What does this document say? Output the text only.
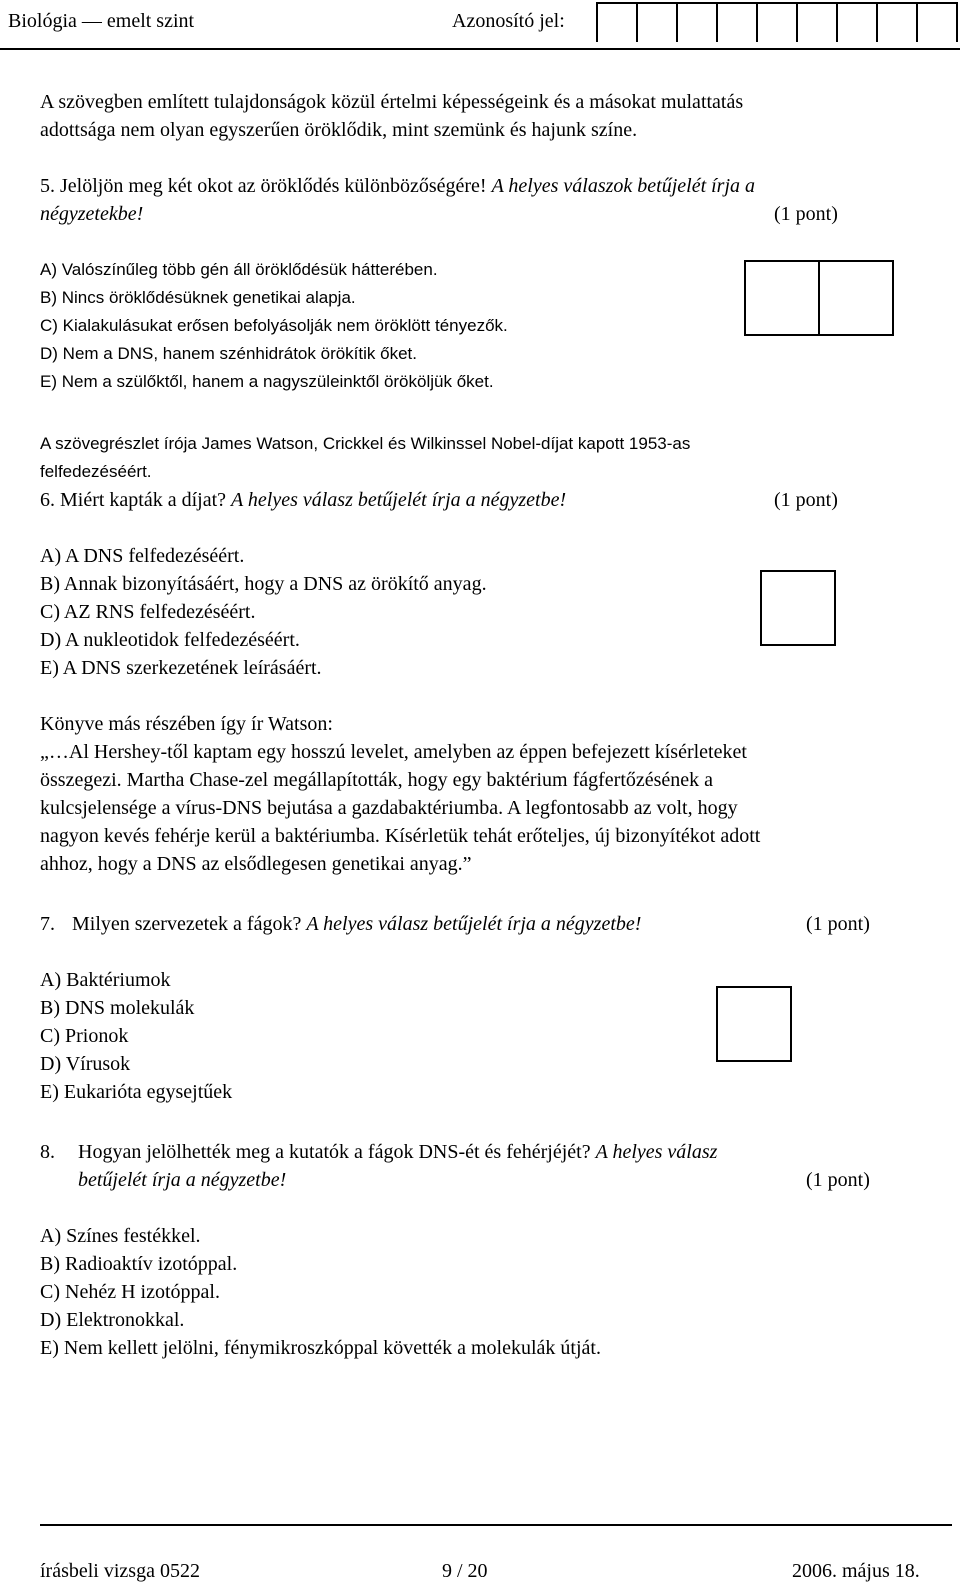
Biológia — emelt szint	Azonosító jel:
A szövegben említett tulajdonságok közül értelmi képességeink és a másokat mulattatás
adottsága nem olyan egyszerűen öröklődik, mint szemünk és hajunk színe.
5. Jelöljön meg két okot az öröklődés különbözőségére! A helyes válaszok betűjelét írja a
négyzetekbe!	(1 pont)
A) Valószínűleg több gén áll öröklődésük hátterében.
B) Nincs öröklődésüknek genetikai alapja.
C) Kialakulásukat erősen befolyásolják nem öröklött tényezők.
D) Nem a DNS, hanem szénhidrátok örökítik őket.
E) Nem a szülőktől, hanem a nagyszüleinktől örököljük őket.
A szövegrészlet írója James Watson, Crickkel és Wilkinssel Nobel-díjat kapott 1953-as
felfedezéséért.
6. Miért kapták a díjat? A helyes válasz betűjelét írja a négyzetbe!	(1 pont)
A) A DNS felfedezéséért.
B) Annak bizonyításáért, hogy a DNS az örökítő anyag.
C) AZ RNS felfedezéséért.
D) A nukleotidok felfedezéséért.
E) A DNS szerkezetének leírásáért.
Könyve más részében így ír Watson:
„…Al Hershey-től kaptam egy hosszú levelet, amelyben az éppen befejezett kísérleteket
összegezi. Martha Chase-zel megállapították, hogy egy baktérium fágfertőzésének a
kulcsjelensége a vírus-DNS bejutása a gazdabaktériumba. A legfontosabb az volt, hogy
nagyon kevés fehérje kerül a baktériumba. Kísérletük tehát erőteljes, új bizonyítékot adott
ahhoz, hogy a DNS az elsődlegesen genetikai anyag.”
7. Milyen szervezetek a fágok? A helyes válasz betűjelét írja a négyzetbe!	(1 pont)
A) Baktériumok
B) DNS molekulák
C) Prionok
D) Vírusok
E) Eukarióta egysejtűek
8. Hogyan jelölhették meg a kutatók a fágok DNS-ét és fehérjéjét? A helyes válasz
betűjelét írja a négyzetbe!	(1 pont)
A) Színes festékkel.
B) Radioaktív izotóppal.
C) Nehéz H izotóppal.
D) Elektronokkal.
E) Nem kellett jelölni, fénymikroszkóppal követték a molekulák útját.
írásbeli vizsga 0522	9 / 20	2006. május 18.
